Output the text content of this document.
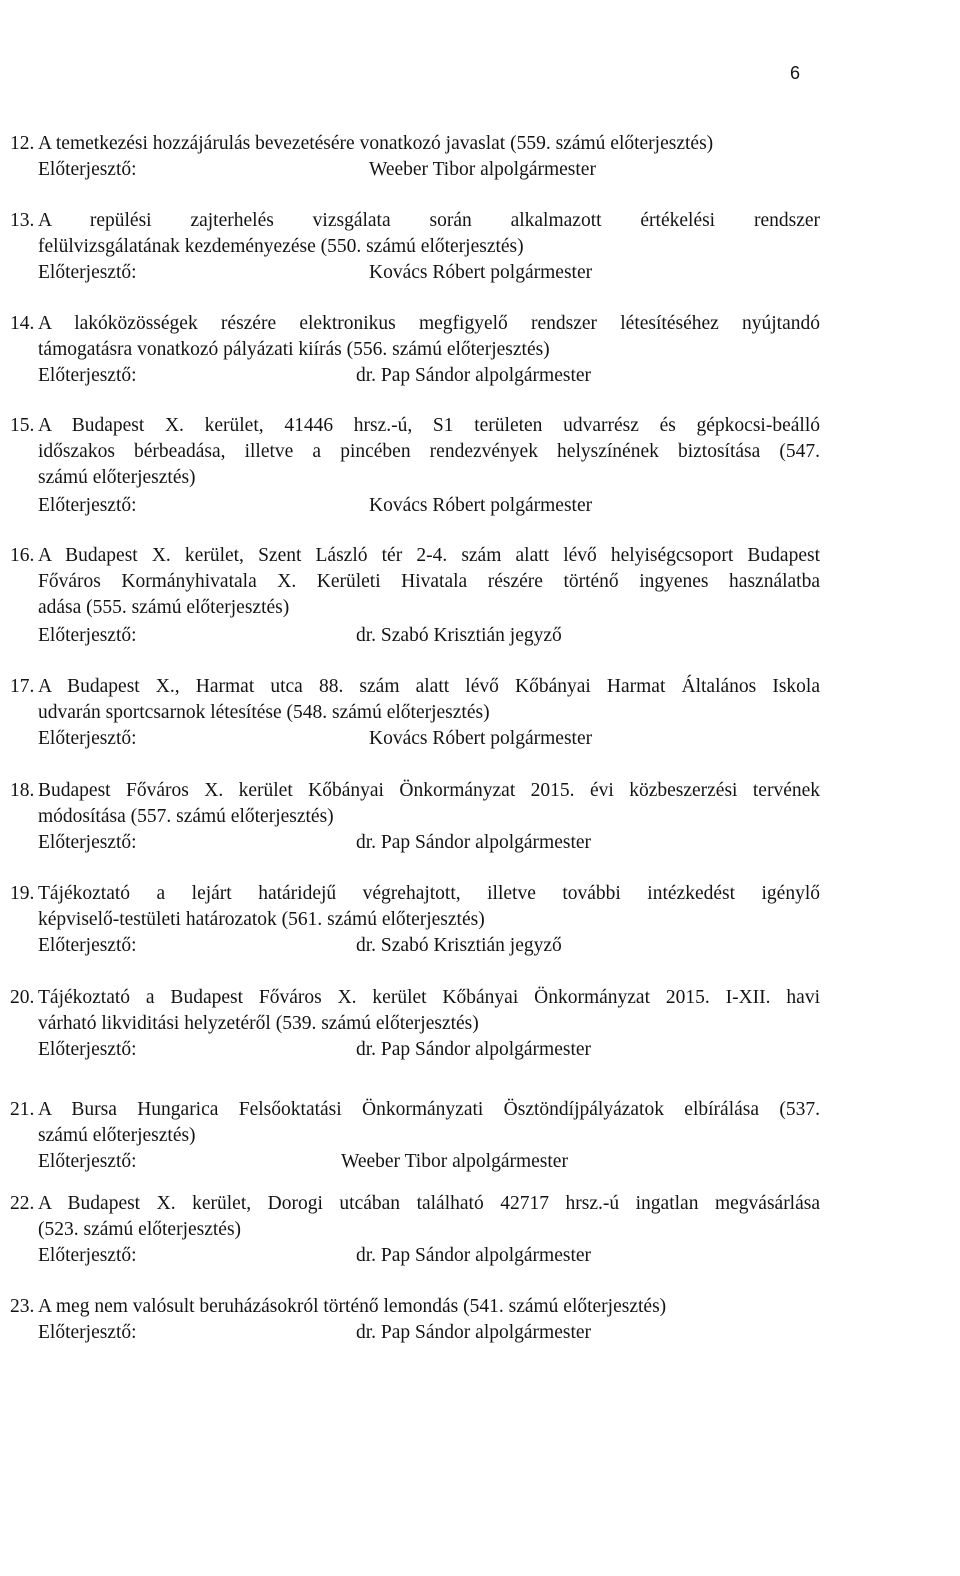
6
12. A temetkezési hozzájárulás bevezetésére vonatkozó javaslat (559. számú előterjesztés)
Előterjesztő:	Weeber Tibor alpolgármester
13. A repülési zajterhelés vizsgálata során alkalmazott értékelési rendszer
felülvizsgálatának kezdeményezése (550. számú előterjesztés)
Előterjesztő:	Kovács Róbert polgármester
14. A lakóközösségek részére elektronikus megfigyelő rendszer létesítéséhez nyújtandó
támogatásra vonatkozó pályázati kiírás (556. számú előterjesztés)
Előterjesztő:	dr. Pap Sándor alpolgármester
15. A Budapest X. kerület, 41446 hrsz.-ú, S1 területen udvarrész és gépkocsi-beálló
időszakos bérbeadása, illetve a pincében rendezvények helyszínének biztosítása (547.
számú előterjesztés)
Előterjesztő:	Kovács Róbert polgármester
16. A Budapest X. kerület, Szent László tér 2-4. szám alatt lévő helyiségcsoport Budapest
Főváros Kormányhivatala X. Kerületi Hivatala részére történő ingyenes használatba
adása (555. számú előterjesztés)
Előterjesztő:	dr. Szabó Krisztián jegyző
17. A Budapest X., Harmat utca 88. szám alatt lévő Kőbányai Harmat Általános Iskola
udvarán sportcsarnok létesítése (548. számú előterjesztés)
Előterjesztő:	Kovács Róbert polgármester
18. Budapest Főváros X. kerület Kőbányai Önkormányzat 2015. évi közbeszerzési tervének
módosítása (557. számú előterjesztés)
Előterjesztő:	dr. Pap Sándor alpolgármester
19. Tájékoztató a lejárt határidejű végrehajtott, illetve további intézkedést igénylő
képviselő-testületi határozatok (561. számú előterjesztés)
Előterjesztő:	dr. Szabó Krisztián jegyző
20. Tájékoztató a Budapest Főváros X. kerület Kőbányai Önkormányzat 2015. I-XII. havi
várható likviditási helyzetéről (539. számú előterjesztés)
Előterjesztő:	dr. Pap Sándor alpolgármester
21. A Bursa Hungarica Felsőoktatási Önkormányzati Ösztöndíjpályázatok elbírálása (537.
számú előterjesztés)
Előterjesztő:	Weeber Tibor alpolgármester
22. A Budapest X. kerület, Dorogi utcában található 42717 hrsz.-ú ingatlan megvásárlása
(523. számú előterjesztés)
Előterjesztő:	dr. Pap Sándor alpolgármester
23. A meg nem valósult beruházásokról történő lemondás (541. számú előterjesztés)
Előterjesztő:	dr. Pap Sándor alpolgármester
